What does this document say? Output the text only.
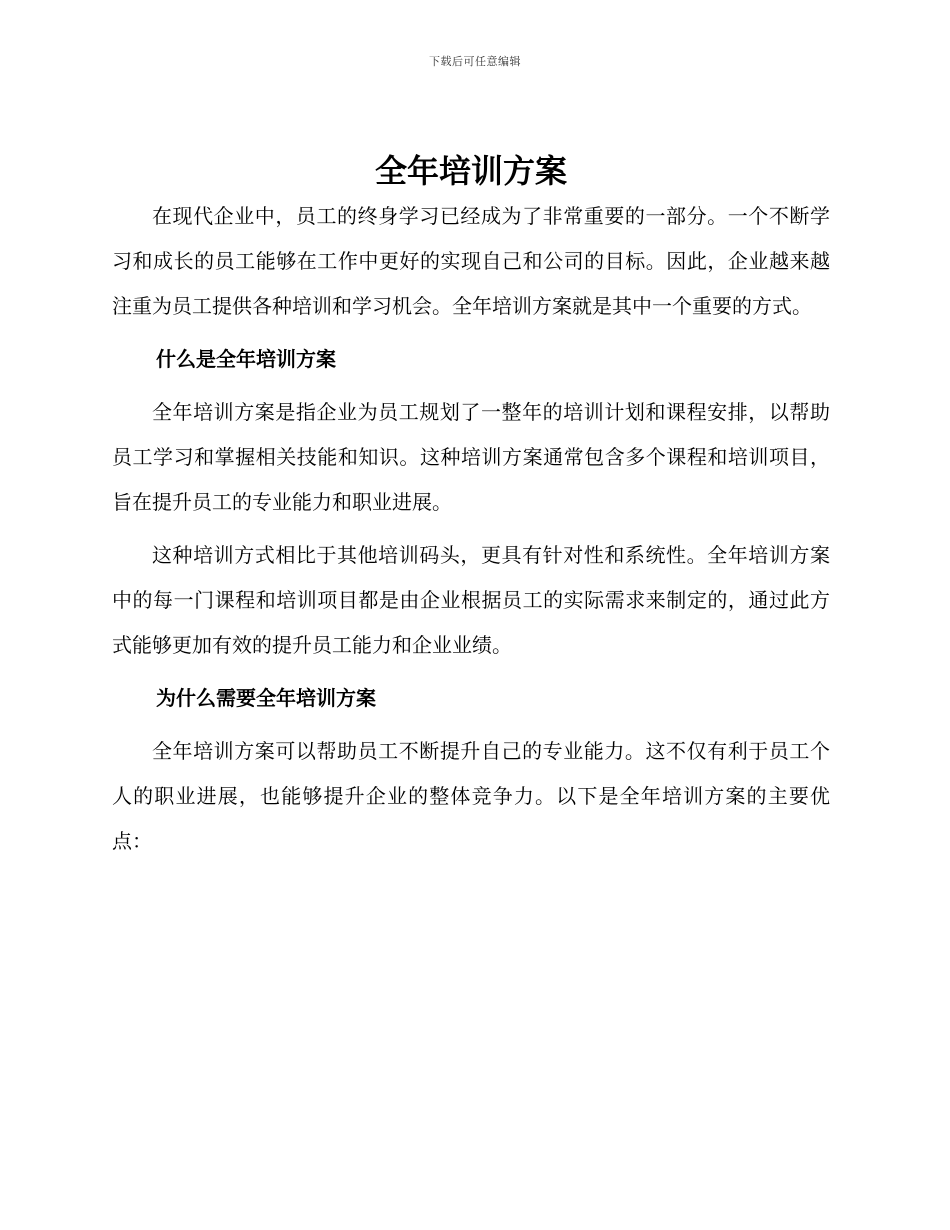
下载后可任意编辑
全年培训方案

在现代企业中，员工的终身学习已经成为了非常重要的一部分。一个不断学习和成长的员工能够在工作中更好的实现自己和公司的目标。因此，企业越来越注重为员工提供各种培训和学习机会。全年培训方案就是其中一个重要的方式。

什么是全年培训方案

全年培训方案是指企业为员工规划了一整年的培训计划和课程安排，以帮助员工学习和掌握相关技能和知识。这种培训方案通常包含多个课程和培训项目，旨在提升员工的专业能力和职业进展。

这种培训方式相比于其他培训码头，更具有针对性和系统性。全年培训方案中的每一门课程和培训项目都是由企业根据员工的实际需求来制定的，通过此方式能够更加有效的提升员工能力和企业业绩。

为什么需要全年培训方案

全年培训方案可以帮助员工不断提升自己的专业能力。这不仅有利于员工个人的职业进展，也能够提升企业的整体竞争力。以下是全年培训方案的主要优点：
